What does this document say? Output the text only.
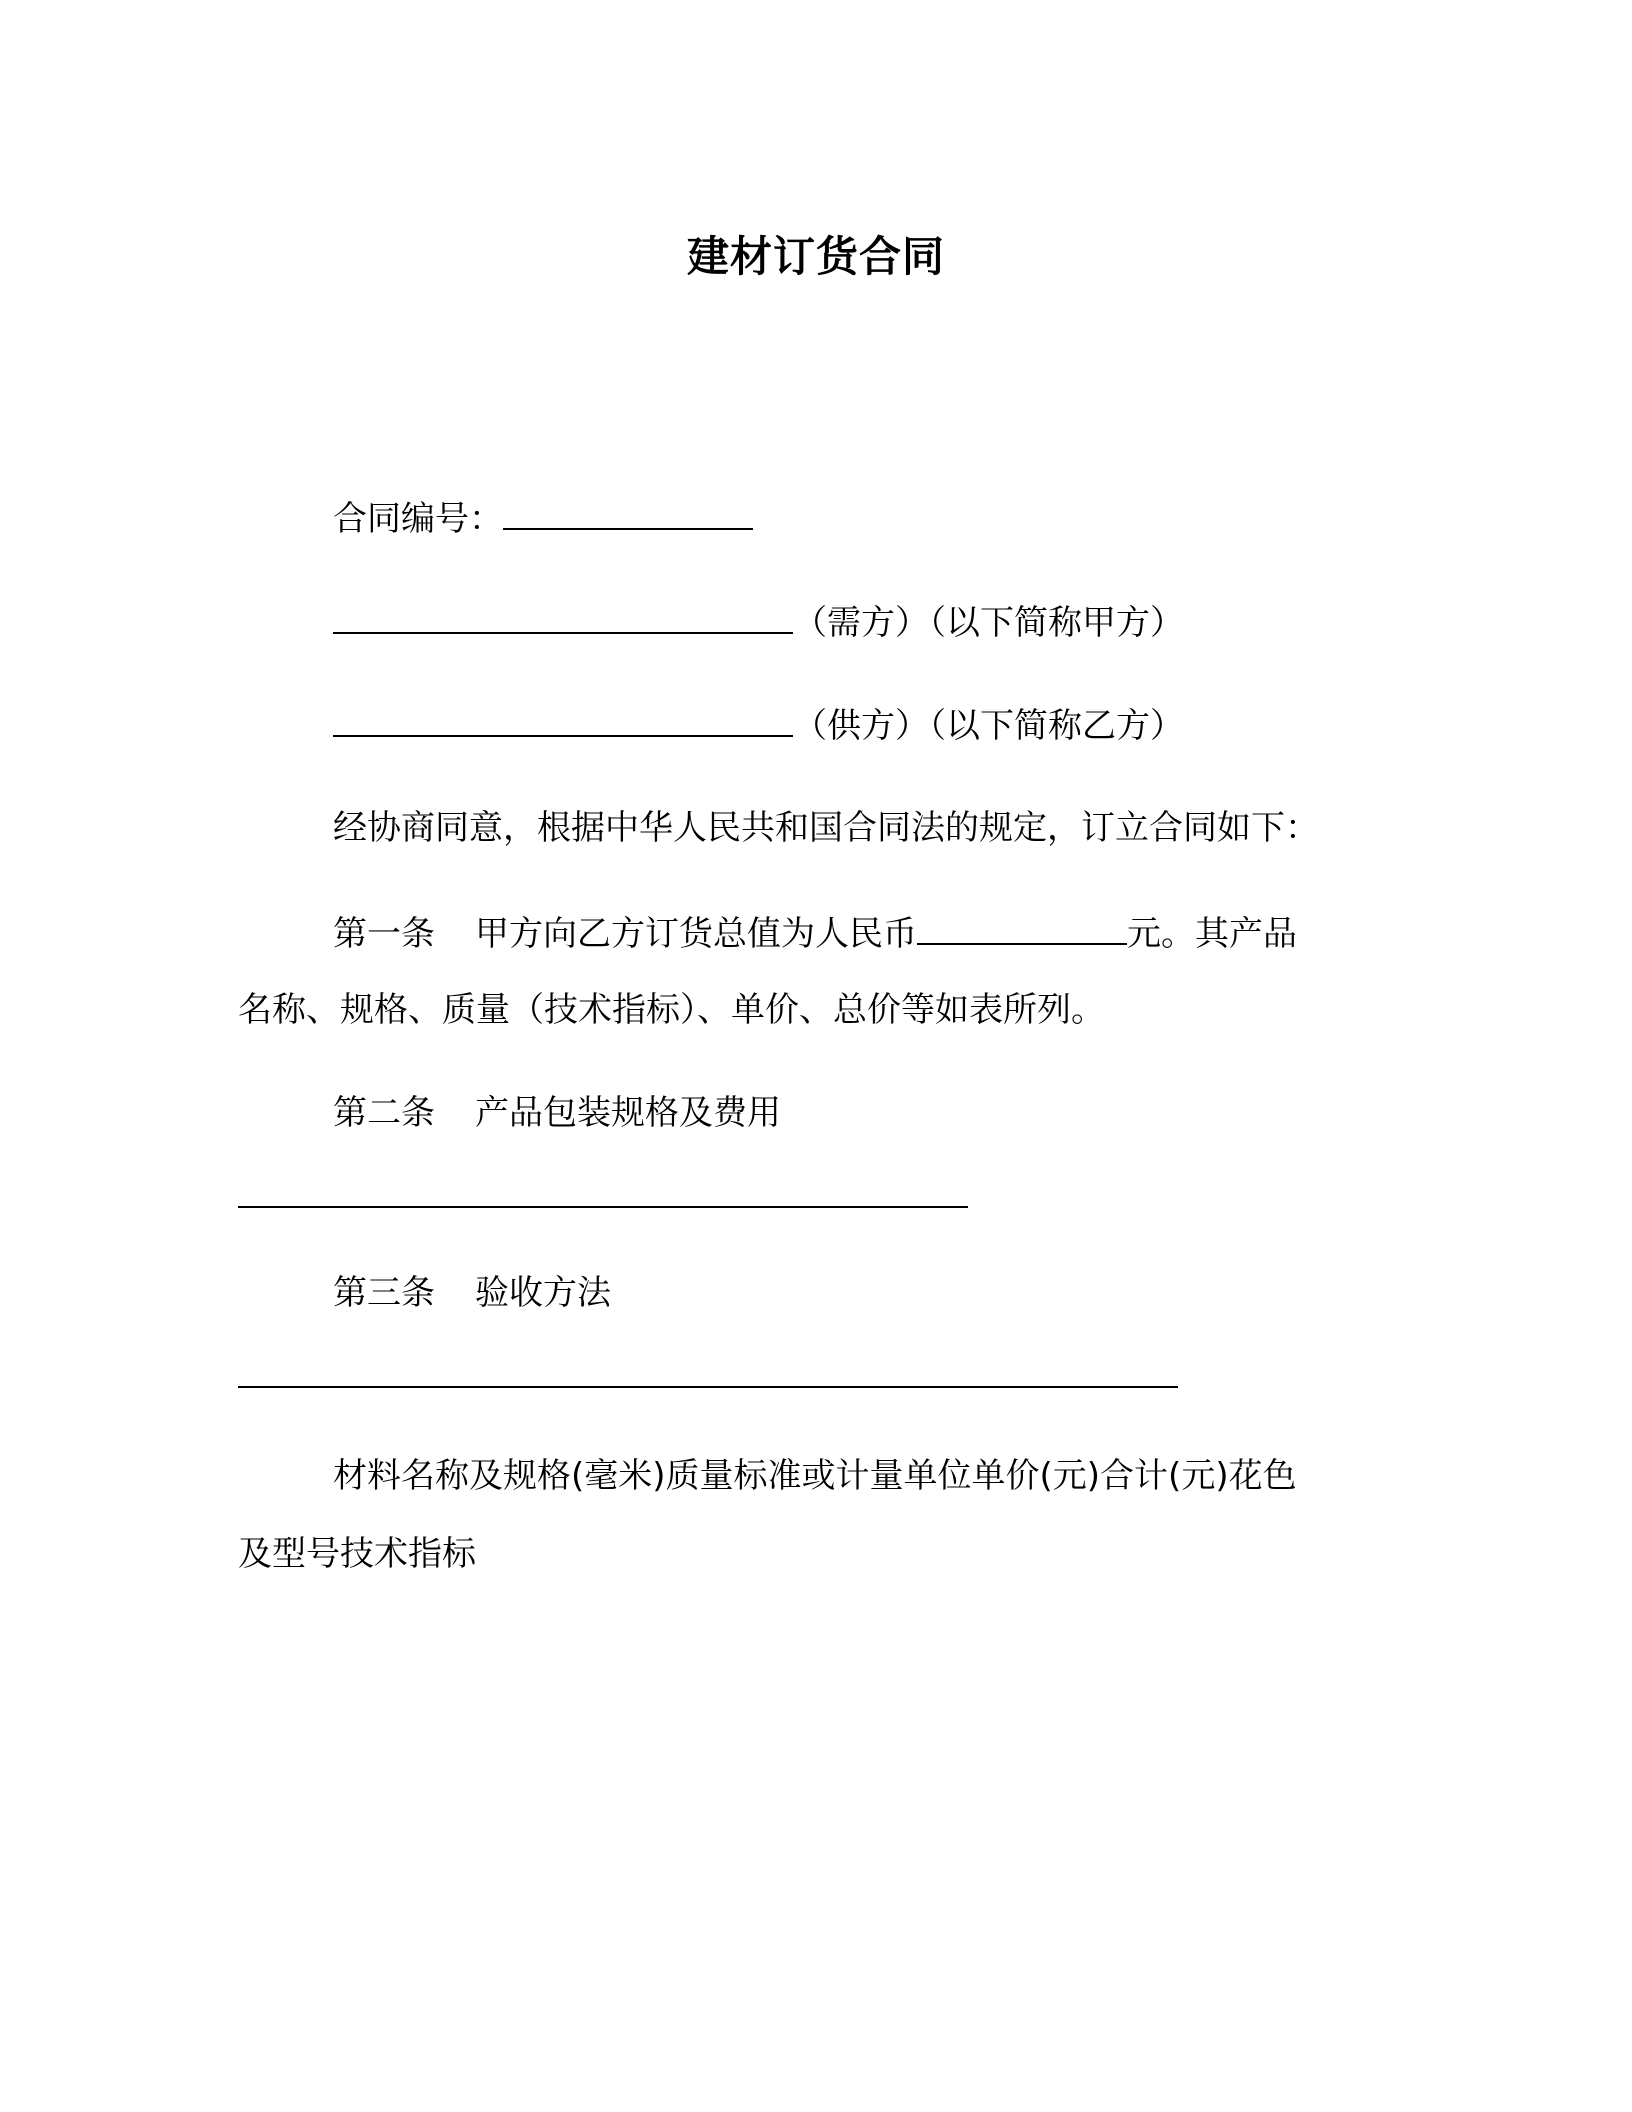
建材订货合同
合同编号：
（需方）（以下简称甲方）
（供方）（以下简称乙方）
经协商同意，根据中华人民共和国合同法的规定，订立合同如下：
第一条 甲方向乙方订货总值为人民币	元。其产品
名称、规格、质量（技术指标）、单价、总价等如表所列。
第二条 产品包装规格及费用
第三条 验收方法
材料名称及规格(毫米)质量标准或计量单位单价(元)合计(元)花色
及型号技术指标
